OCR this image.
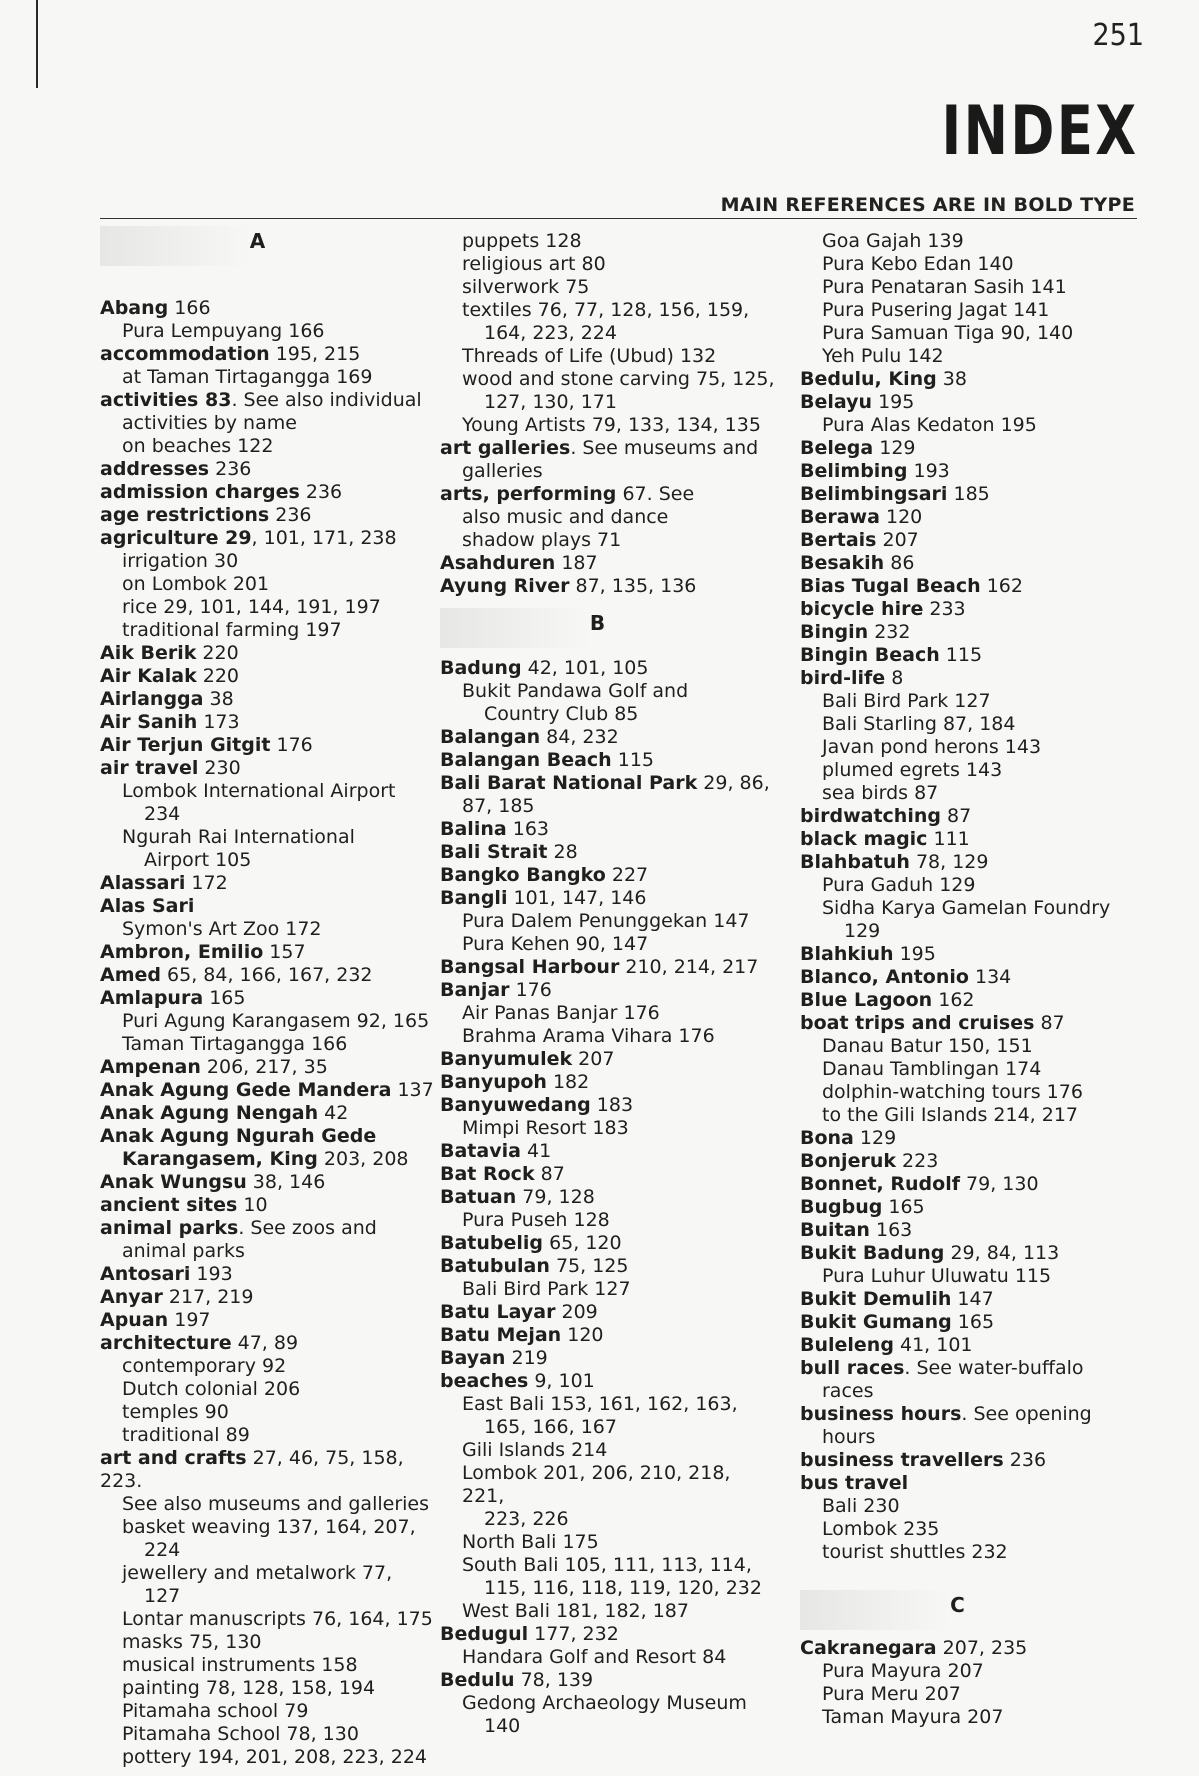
251
INDEX
MAIN REFERENCES ARE IN BOLD TYPE
A
Abang 166
Pura Lempuyang 166
accommodation 195, 215
at Taman Tirtagangga 169
activities 83. See also individual
activities by name
on beaches 122
addresses 236
admission charges 236
age restrictions 236
agriculture 29, 101, 171, 238
irrigation 30
on Lombok 201
rice 29, 101, 144, 191, 197
traditional farming 197
Aik Berik 220
Air Kalak 220
Airlangga 38
Air Sanih 173
Air Terjun Gitgit 176
air travel 230
Lombok International Airport
234
Ngurah Rai International
Airport 105
Alassari 172
Alas Sari
Symon's Art Zoo 172
Ambron, Emilio 157
Amed 65, 84, 166, 167, 232
Amlapura 165
Puri Agung Karangasem 92, 165
Taman Tirtagangga 166
Ampenan 206, 217, 35
Anak Agung Gede Mandera 137
Anak Agung Nengah 42
Anak Agung Ngurah Gede
Karangasem, King 203, 208
Anak Wungsu 38, 146
ancient sites 10
animal parks. See zoos and
animal parks
Antosari 193
Anyar 217, 219
Apuan 197
architecture 47, 89
contemporary 92
Dutch colonial 206
temples 90
traditional 89
art and crafts 27, 46, 75, 158, 223.
See also museums and galleries
basket weaving 137, 164, 207,
224
jewellery and metalwork 77,
127
Lontar manuscripts 76, 164, 175
masks 75, 130
musical instruments 158
painting 78, 128, 158, 194
Pitamaha school 79
Pitamaha School 78, 130
pottery 194, 201, 208, 223, 224
puppets 128
religious art 80
silverwork 75
textiles 76, 77, 128, 156, 159,
164, 223, 224
Threads of Life (Ubud) 132
wood and stone carving 75, 125,
127, 130, 171
Young Artists 79, 133, 134, 135
art galleries. See museums and
galleries
arts, performing 67. See
also music and dance
shadow plays 71
Asahduren 187
Ayung River 87, 135, 136
B
Badung 42, 101, 105
Bukit Pandawa Golf and
Country Club 85
Balangan 84, 232
Balangan Beach 115
Bali Barat National Park 29, 86,
87, 185
Balina 163
Bali Strait 28
Bangko Bangko 227
Bangli 101, 147, 146
Pura Dalem Penunggekan 147
Pura Kehen 90, 147
Bangsal Harbour 210, 214, 217
Banjar 176
Air Panas Banjar 176
Brahma Arama Vihara 176
Banyumulek 207
Banyupoh 182
Banyuwedang 183
Mimpi Resort 183
Batavia 41
Bat Rock 87
Batuan 79, 128
Pura Puseh 128
Batubelig 65, 120
Batubulan 75, 125
Bali Bird Park 127
Batu Layar 209
Batu Mejan 120
Bayan 219
beaches 9, 101
East Bali 153, 161, 162, 163,
165, 166, 167
Gili Islands 214
Lombok 201, 206, 210, 218, 221,
223, 226
North Bali 175
South Bali 105, 111, 113, 114,
115, 116, 118, 119, 120, 232
West Bali 181, 182, 187
Bedugul 177, 232
Handara Golf and Resort 84
Bedulu 78, 139
Gedong Archaeology Museum
140
Goa Gajah 139
Pura Kebo Edan 140
Pura Penataran Sasih 141
Pura Pusering Jagat 141
Pura Samuan Tiga 90, 140
Yeh Pulu 142
Bedulu, King 38
Belayu 195
Pura Alas Kedaton 195
Belega 129
Belimbing 193
Belimbingsari 185
Berawa 120
Bertais 207
Besakih 86
Bias Tugal Beach 162
bicycle hire 233
Bingin 232
Bingin Beach 115
bird-life 8
Bali Bird Park 127
Bali Starling 87, 184
Javan pond herons 143
plumed egrets 143
sea birds 87
birdwatching 87
black magic 111
Blahbatuh 78, 129
Pura Gaduh 129
Sidha Karya Gamelan Foundry
129
Blahkiuh 195
Blanco, Antonio 134
Blue Lagoon 162
boat trips and cruises 87
Danau Batur 150, 151
Danau Tamblingan 174
dolphin-watching tours 176
to the Gili Islands 214, 217
Bona 129
Bonjeruk 223
Bonnet, Rudolf 79, 130
Bugbug 165
Buitan 163
Bukit Badung 29, 84, 113
Pura Luhur Uluwatu 115
Bukit Demulih 147
Bukit Gumang 165
Buleleng 41, 101
bull races. See water-buffalo
races
business hours. See opening
hours
business travellers 236
bus travel
Bali 230
Lombok 235
tourist shuttles 232
C
Cakranegara 207, 235
Pura Mayura 207
Pura Meru 207
Taman Mayura 207
